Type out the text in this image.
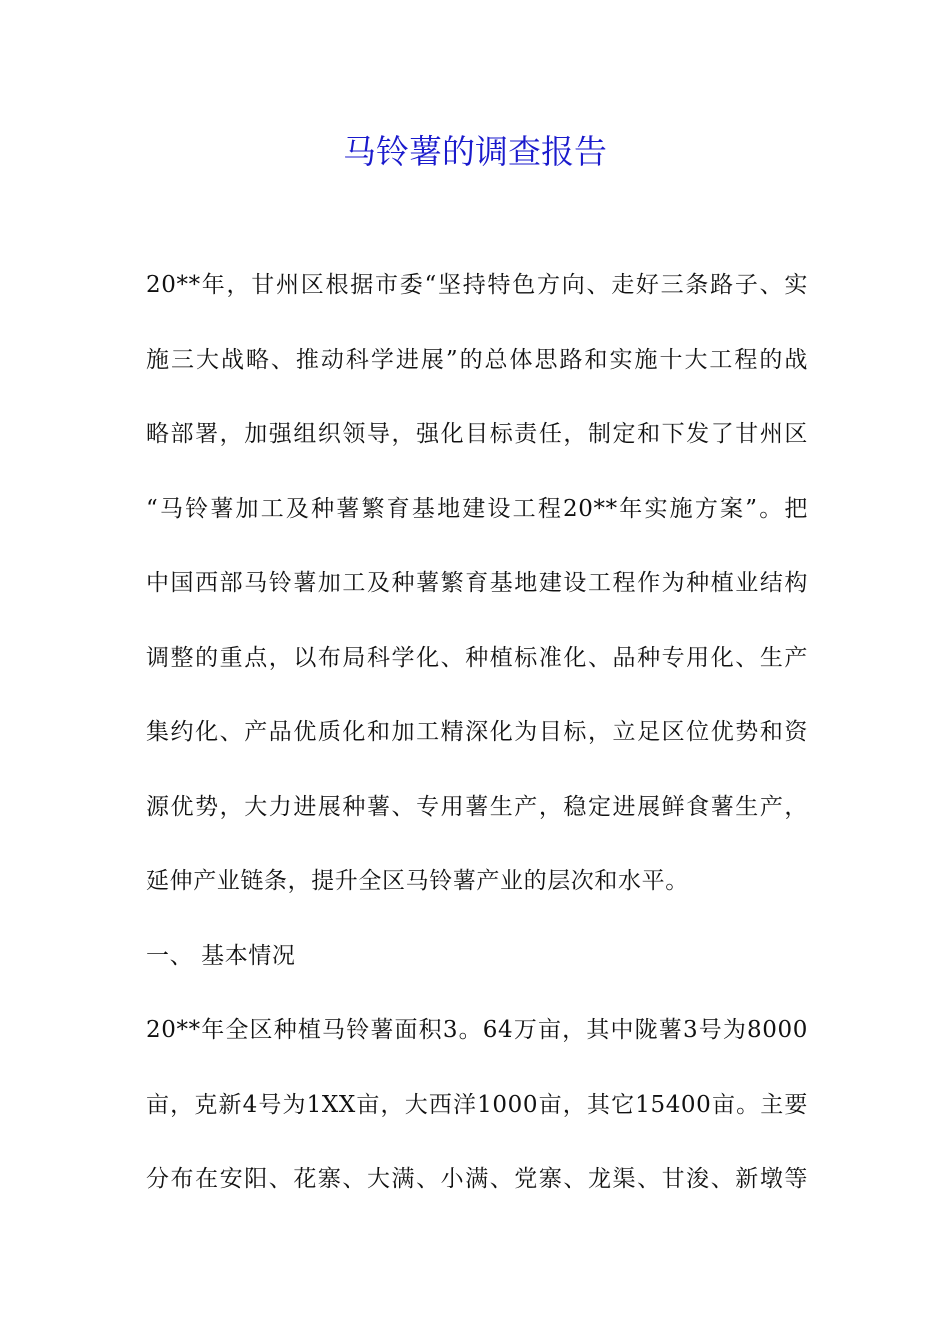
马铃薯的调查报告
20**年，甘州区根据市委“坚持特色方向、走好三条路子、实
施三大战略、推动科学进展”的总体思路和实施十大工程的战
略部署，加强组织领导，强化目标责任，制定和下发了甘州区
“马铃薯加工及种薯繁育基地建设工程20**年实施方案”。把
中国西部马铃薯加工及种薯繁育基地建设工程作为种植业结构
调整的重点，以布局科学化、种植标准化、品种专用化、生产
集约化、产品优质化和加工精深化为目标，立足区位优势和资
源优势，大力进展种薯、专用薯生产，稳定进展鲜食薯生产，
延伸产业链条，提升全区马铃薯产业的层次和水平。
一、 基本情况
20**年全区种植马铃薯面积3。64万亩，其中陇薯3号为8000
亩，克新4号为1XX亩，大西洋1000亩，其它15400亩。主要
分布在安阳、花寨、大满、小满、党寨、龙渠、甘浚、新墩等
